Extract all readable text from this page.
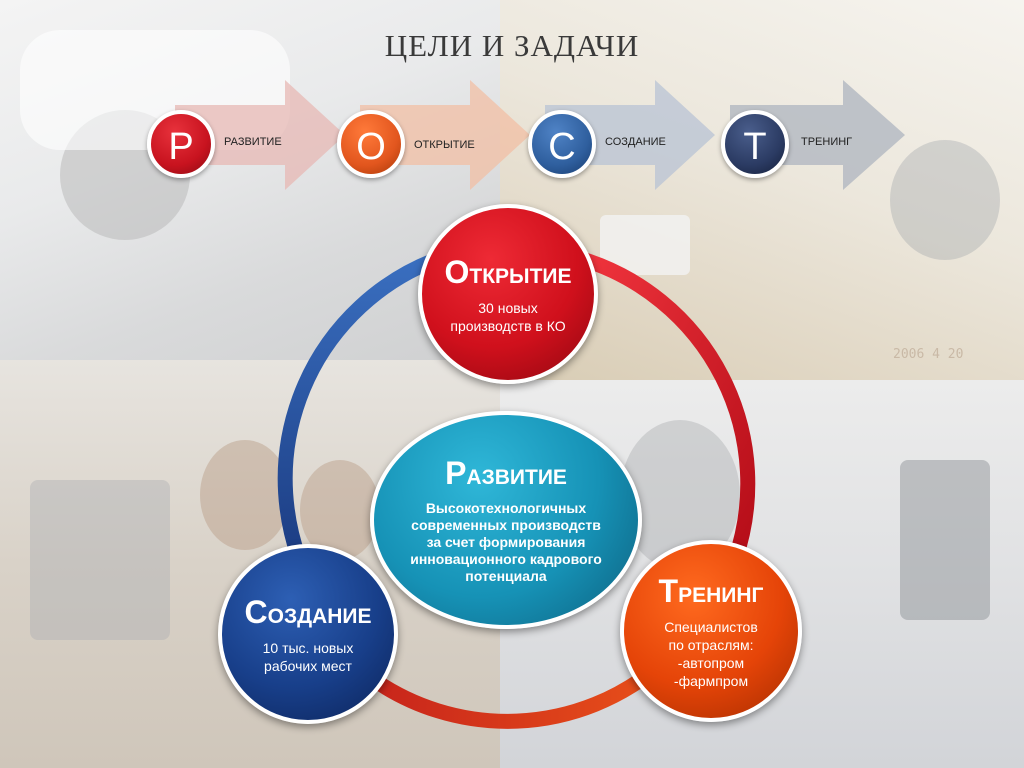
ЦЕЛИ И ЗАДАЧИ
2006 4 20
Р	РАЗВИТИЕ	О	ОТКРЫТИЕ	С	СОЗДАНИЕ	Т	ТРЕНИНГ
ОТКРЫТИЕ
30 новых производств в КО
РАЗВИТИЕ
Высокотехнологичных современных производств за счет формирования инновационного кадрового потенциала
СОЗДАНИЕ
10 тыс. новых рабочих мест
ТРЕНИНГ
Специалистов
по отраслям:
-автопром
-фармпром
